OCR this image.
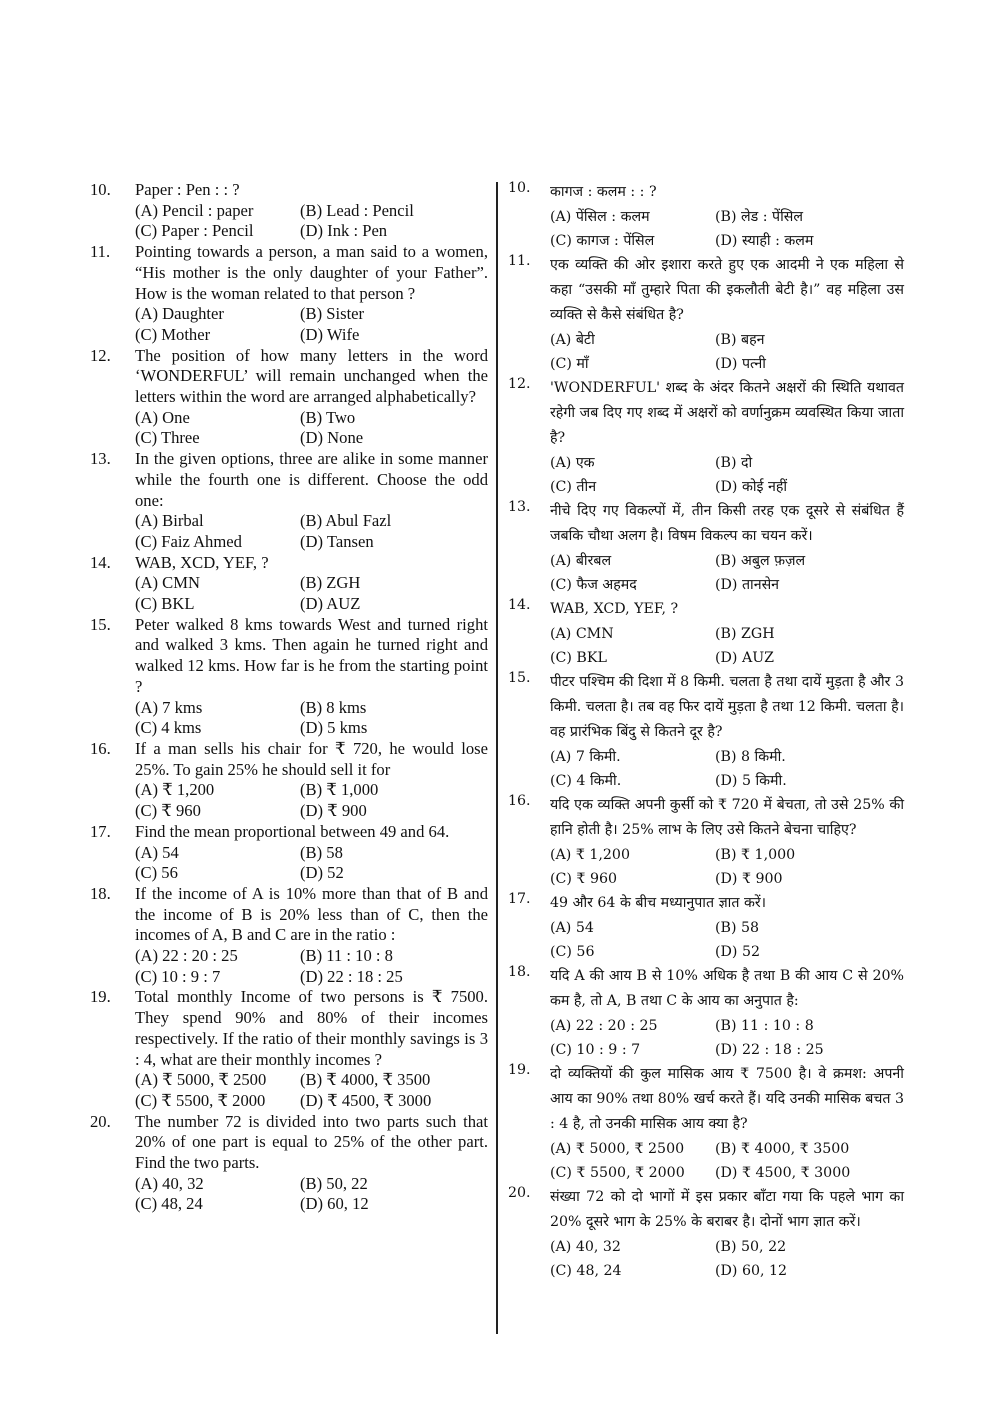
10.	Paper : Pen : : ?
(A) Pencil : paper	(B) Lead : Pencil
(C) Paper : Pencil	(D) Ink : Pen
11.	Pointing towards a person, a man said to a women, “His mother is the only daughter of your Father”. How is the woman related to that person ?
(A) Daughter	(B) Sister
(C) Mother	(D) Wife
12.	The position of how many letters in the word ‘WONDERFUL’ will remain unchanged when the letters within the word are arranged alphabetically?
(A) One	(B) Two
(C) Three	(D) None
13.	In the given options, three are alike in some manner while the fourth one is different. Choose the odd one:
(A) Birbal	(B) Abul Fazl
(C) Faiz Ahmed	(D) Tansen
14.	WAB, XCD, YEF, ?
(A) CMN	(B) ZGH
(C) BKL	(D) AUZ
15.	Peter walked 8 kms towards West and turned right and walked 3 kms. Then again he turned right and walked 12 kms. How far is he from the starting point ?
(A) 7 kms	(B) 8 kms
(C) 4 kms	(D) 5 kms
16.	If a man sells his chair for ₹ 720, he would lose 25%. To gain 25% he should sell it for
(A) ₹ 1,200	(B) ₹ 1,000
(C) ₹ 960	(D) ₹ 900
17.	Find the mean proportional between 49 and 64.
(A) 54	(B) 58
(C) 56	(D) 52
18.	If the income of A is 10% more than that of B and the income of B is 20% less than of C, then the incomes of A, B and C are in the ratio :
(A) 22 : 20 : 25	(B) 11 : 10 : 8
(C) 10 : 9 : 7	(D) 22 : 18 : 25
19.	Total monthly Income of two persons is ₹ 7500. They spend 90% and 80% of their incomes respectively. If the ratio of their monthly savings is 3 : 4, what are their monthly incomes ?
(A) ₹ 5000, ₹ 2500	(B) ₹ 4000, ₹ 3500
(C) ₹ 5500, ₹ 2000	(D) ₹ 4500, ₹ 3000
20.	The number 72 is divided into two parts such that 20% of one part is equal to 25% of the other part. Find the two parts.
(A) 40, 32	(B) 50, 22
(C) 48, 24	(D) 60, 12
10.	कागज : कलम : : ?
(A) पेंसिल : कलम	(B) लेड : पेंसिल
(C) कागज : पेंसिल	(D) स्याही : कलम
11.	एक व्यक्ति की ओर इशारा करते हुए एक आदमी ने एक महिला से कहा “उसकी माँ तुम्हारे पिता की इकलौती बेटी है।” वह महिला उस व्यक्ति से कैसे संबंधित है?
(A) बेटी	(B) बहन
(C) माँ	(D) पत्नी
12.	'WONDERFUL' शब्द के अंदर कितने अक्षरों की स्थिति यथावत रहेगी जब दिए गए शब्द में अक्षरों को वर्णानुक्रम व्यवस्थित किया जाता है?
(A) एक	(B) दो
(C) तीन	(D) कोई नहीं
13.	नीचे दिए गए विकल्पों में, तीन किसी तरह एक दूसरे से संबंधित हैं जबकि चौथा अलग है। विषम विकल्प का चयन करें।
(A) बीरबल	(B) अबुल फ़ज़ल
(C) फैज अहमद	(D) तानसेन
14.	WAB, XCD, YEF, ?
(A) CMN	(B) ZGH
(C) BKL	(D) AUZ
15.	पीटर पश्चिम की दिशा में 8 किमी. चलता है तथा दायें मुड़ता है और 3 किमी. चलता है। तब वह फिर दायें मुड़ता है तथा 12 किमी. चलता है। वह प्रारंभिक बिंदु से कितने दूर है?
(A) 7 किमी.	(B) 8 किमी.
(C) 4 किमी.	(D) 5 किमी.
16.	यदि एक व्यक्ति अपनी कुर्सी को ₹ 720 में बेचता, तो उसे 25% की हानि होती है। 25% लाभ के लिए उसे कितने बेचना चाहिए?
(A) ₹ 1,200	(B) ₹ 1,000
(C) ₹ 960	(D) ₹ 900
17.	49 और 64 के बीच मध्यानुपात ज्ञात करें।
(A) 54	(B) 58
(C) 56	(D) 52
18.	यदि A की आय B से 10% अधिक है तथा B की आय C से 20% कम है, तो A, B तथा C के आय का अनुपात है:
(A) 22 : 20 : 25	(B) 11 : 10 : 8
(C) 10 : 9 : 7	(D) 22 : 18 : 25
19.	दो व्यक्तियों की कुल मासिक आय ₹ 7500 है। वे क्रमश: अपनी आय का 90% तथा 80% खर्च करते हैं। यदि उनकी मासिक बचत 3 : 4 है, तो उनकी मासिक आय क्या है?
(A) ₹ 5000, ₹ 2500	(B) ₹ 4000, ₹ 3500
(C) ₹ 5500, ₹ 2000	(D) ₹ 4500, ₹ 3000
20.	संख्या 72 को दो भागों में इस प्रकार बाँटा गया कि पहले भाग का 20% दूसरे भाग के 25% के बराबर है। दोनों भाग ज्ञात करें।
(A) 40, 32	(B) 50, 22
(C) 48, 24	(D) 60, 12
